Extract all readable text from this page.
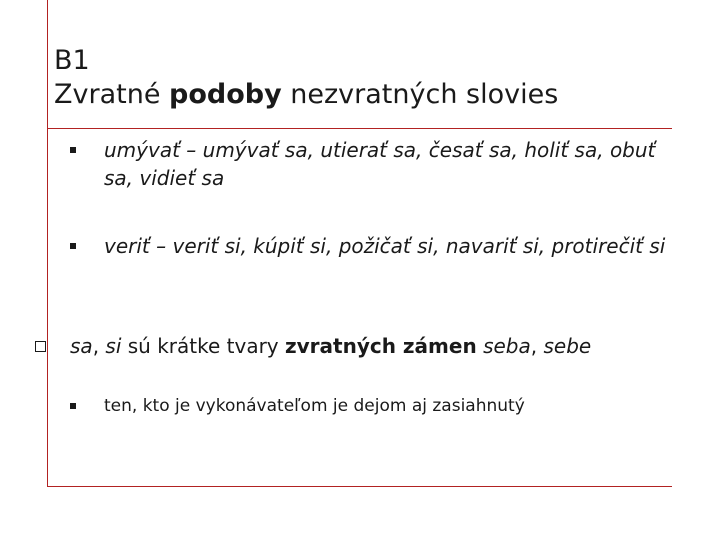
B1
Zvratné podoby nezvratných slovies
umývať – umývať sa, utierať sa, česať sa, holiť sa, obuť sa, vidieť sa
veriť – veriť si, kúpiť si, požičať si, navariť si, protirečiť si
sa, si sú krátke tvary zvratných zámen seba, sebe
ten, kto je vykonávateľom je dejom aj zasiahnutý
